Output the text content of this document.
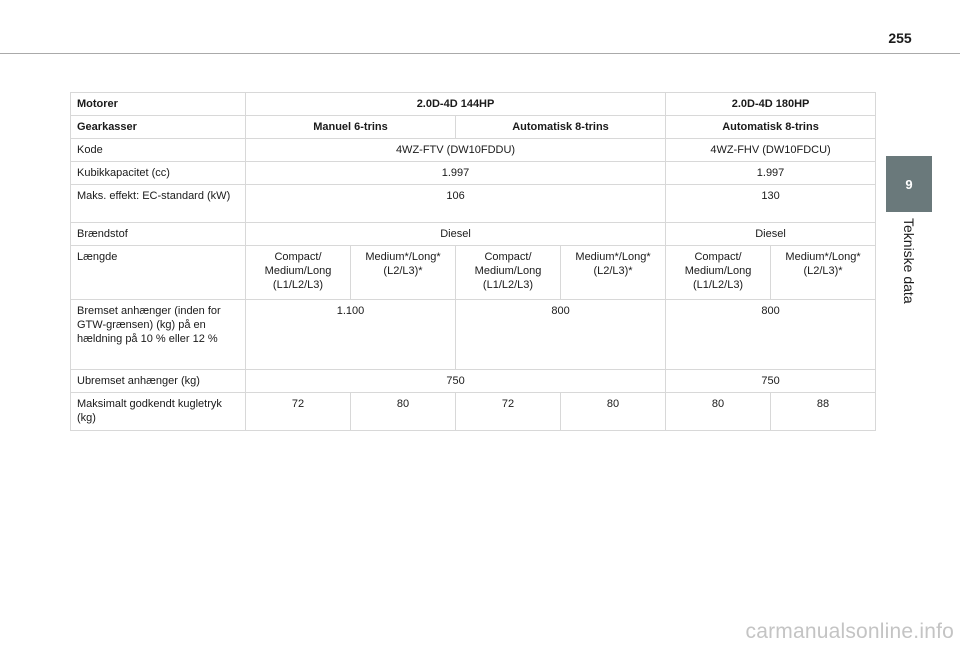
255
9
Tekniske data
Motorer	2.0D-4D 144HP				2.0D-4D 180HP	
Gearkasser	Manuel 6-trins		Automatisk 8-trins		Automatisk 8-trins	
Kode	4WZ-FTV (DW10FDDU)				4WZ-FHV (DW10FDCU)	
Kubikkapacitet (cc)	1.997				1.997	
Maks. effekt: EC-standard (kW)	106				130	
Brændstof	Diesel				Diesel	
Længde	Compact/ Medium/Long (L1/L2/L3)	Medium*/Long* (L2/L3)*	Compact/ Medium/Long (L1/L2/L3)	Medium*/Long* (L2/L3)*	Compact/ Medium/Long (L1/L2/L3)	Medium*/Long* (L2/L3)*
Bremset anhænger (inden for GTW-grænsen) (kg) på en hældning på 10 % eller 12 %	1.100		800		800	
Ubremset anhænger (kg)	750				750	
Maksimalt godkendt kugletryk (kg)	72	80	72	80	80	88
carmanualsonline.info
